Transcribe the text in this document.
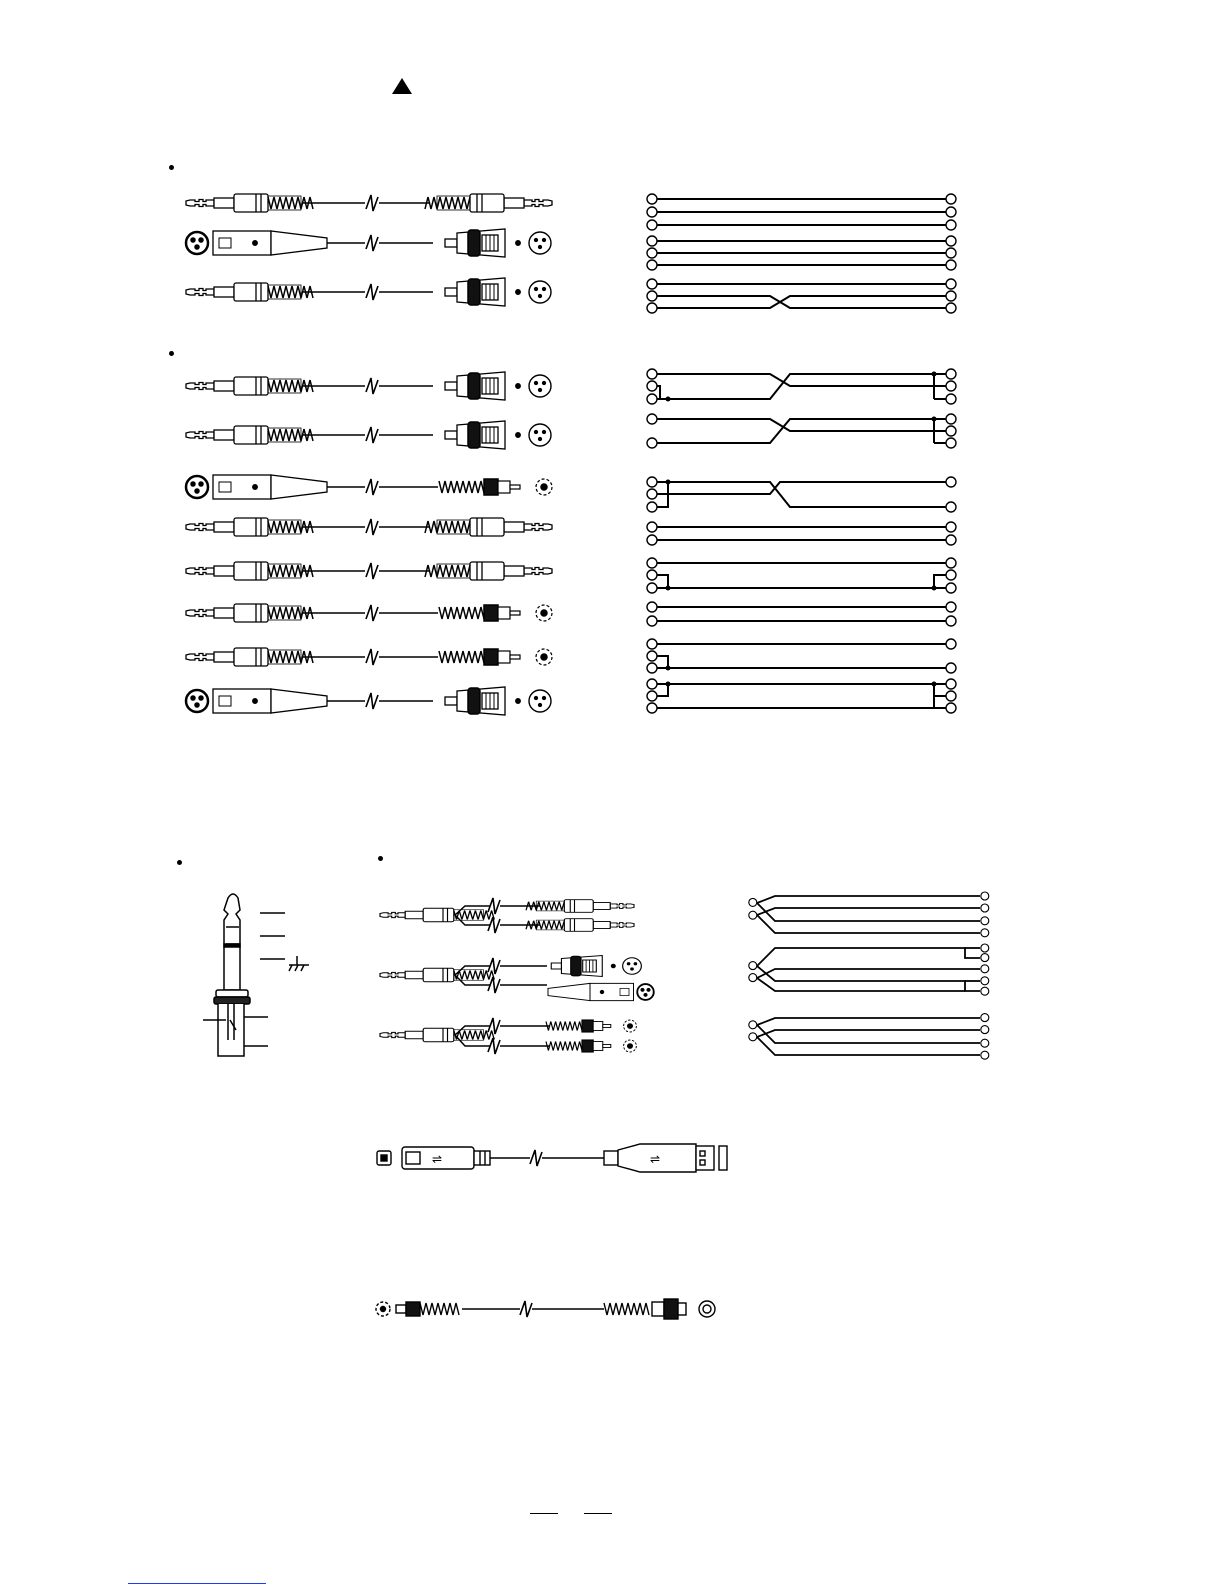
⇌	⇌
